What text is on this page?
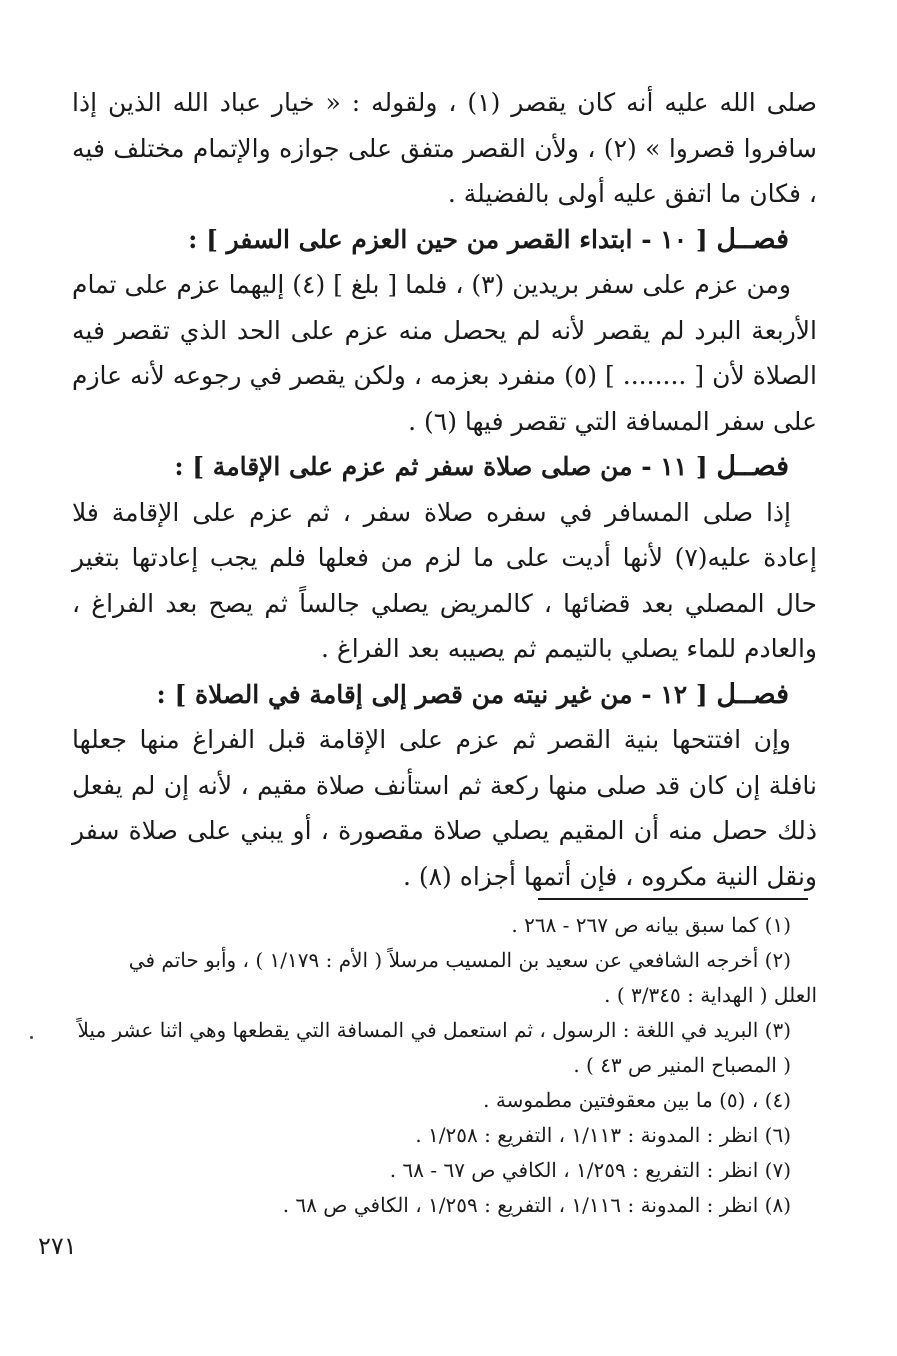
صلى الله عليه أنه كان يقصر (١) ، ولقوله : « خيار عباد الله الذين إذا سافروا قصروا » (٢) ، ولأن القصر متفق على جوازه والإتمام مختلف فيه ، فكان ما اتفق عليه أولى بالفضيلة .

فصــل [ ١٠ - ابتداء القصر من حين العزم على السفر ] :

ومن عزم على سفر بريدين (٣) ، فلما [ بلغ ] (٤) إليهما عزم على تمام الأربعة البرد لم يقصر لأنه لم يحصل منه عزم على الحد الذي تقصر فيه الصلاة لأن [ ........ ] (٥) منفرد بعزمه ، ولكن يقصر في رجوعه لأنه عازم على سفر المسافة التي تقصر فيها (٦) .

فصــل [ ١١ - من صلى صلاة سفر ثم عزم على الإقامة ] :

إذا صلى المسافر في سفره صلاة سفر ، ثم عزم على الإقامة فلا إعادة عليه(٧) لأنها أديت على ما لزم من فعلها فلم يجب إعادتها بتغير حال المصلي بعد قضائها ، كالمريض يصلي جالساً ثم يصح بعد الفراغ ، والعادم للماء يصلي بالتيمم ثم يصيبه بعد الفراغ .

فصــل [ ١٢ - من غير نيته من قصر إلى إقامة في الصلاة ] :

وإن افتتحها بنية القصر ثم عزم على الإقامة قبل الفراغ منها جعلها نافلة إن كان قد صلى منها ركعة ثم استأنف صلاة مقيم ، لأنه إن لم يفعل ذلك حصل منه أن المقيم يصلي صلاة مقصورة ، أو يبني على صلاة سفر ونقل النية مكروه ، فإن أتمها أجزاه (٨) .

(١) كما سبق بيانه ص ٢٦٧ - ٢٦٨ .

(٢) أخرجه الشافعي عن سعيد بن المسيب مرسلاً ( الأم : ١/١٧٩ ) ، وأبو حاتم في

العلل ( الهداية : ٣/٣٤٥ ) .

(٣) البريد في اللغة : الرسول ، ثم استعمل في المسافة التي يقطعها وهي اثنا عشر ميلاً

( المصباح المنير ص ٤٣ ) .

(٤) ، (٥) ما بين معقوفتين مطموسة .

(٦) انظر : المدونة : ١/١١٣ ، التفريع : ١/٢٥٨ .

(٧) انظر : التفريع : ١/٢٥٩ ، الكافي ص ٦٧ - ٦٨ .

(٨) انظر : المدونة : ١/١١٦ ، التفريع : ١/٢٥٩ ، الكافي ص ٦٨ .

٢٧١
